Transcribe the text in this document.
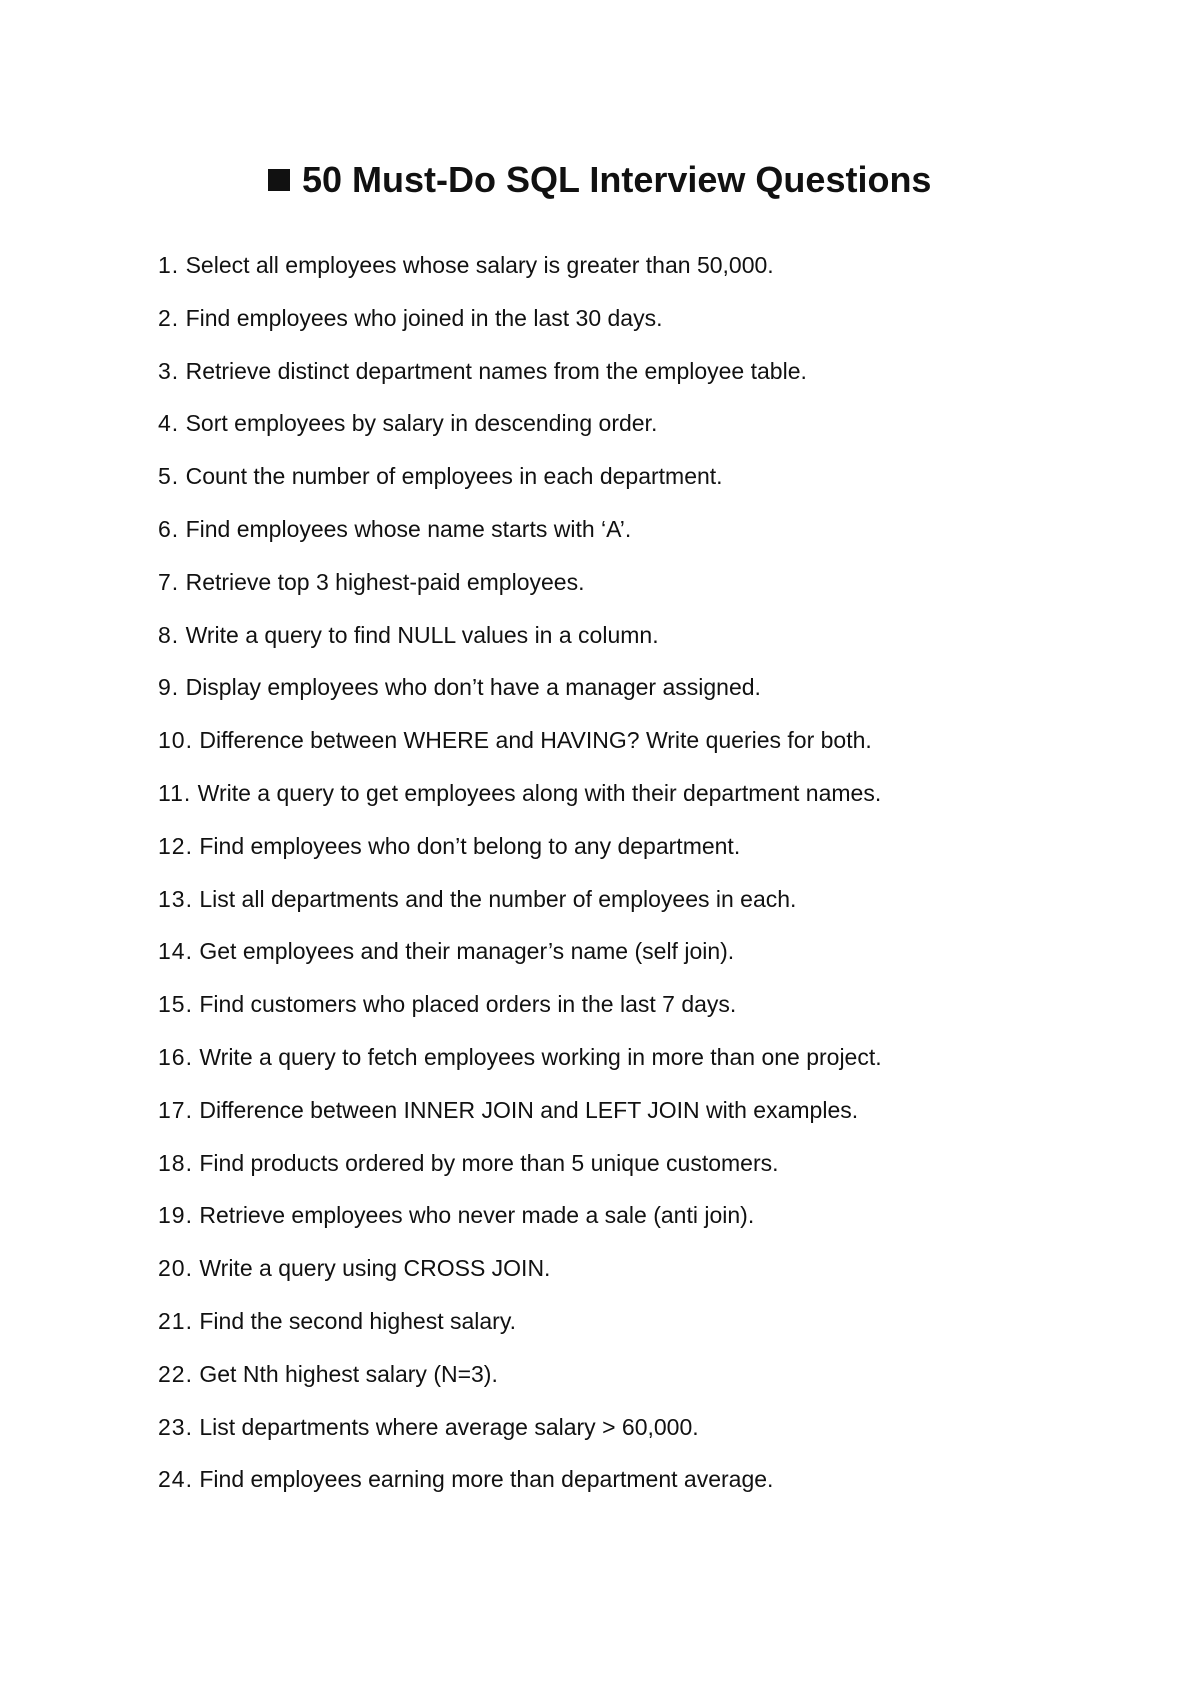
50 Must-Do SQL Interview Questions
1. Select all employees whose salary is greater than 50,000.
2. Find employees who joined in the last 30 days.
3. Retrieve distinct department names from the employee table.
4. Sort employees by salary in descending order.
5. Count the number of employees in each department.
6. Find employees whose name starts with ‘A’.
7. Retrieve top 3 highest-paid employees.
8. Write a query to find NULL values in a column.
9. Display employees who don’t have a manager assigned.
10. Difference between WHERE and HAVING? Write queries for both.
11. Write a query to get employees along with their department names.
12. Find employees who don’t belong to any department.
13. List all departments and the number of employees in each.
14. Get employees and their manager’s name (self join).
15. Find customers who placed orders in the last 7 days.
16. Write a query to fetch employees working in more than one project.
17. Difference between INNER JOIN and LEFT JOIN with examples.
18. Find products ordered by more than 5 unique customers.
19. Retrieve employees who never made a sale (anti join).
20. Write a query using CROSS JOIN.
21. Find the second highest salary.
22. Get Nth highest salary (N=3).
23. List departments where average salary > 60,000.
24. Find employees earning more than department average.
